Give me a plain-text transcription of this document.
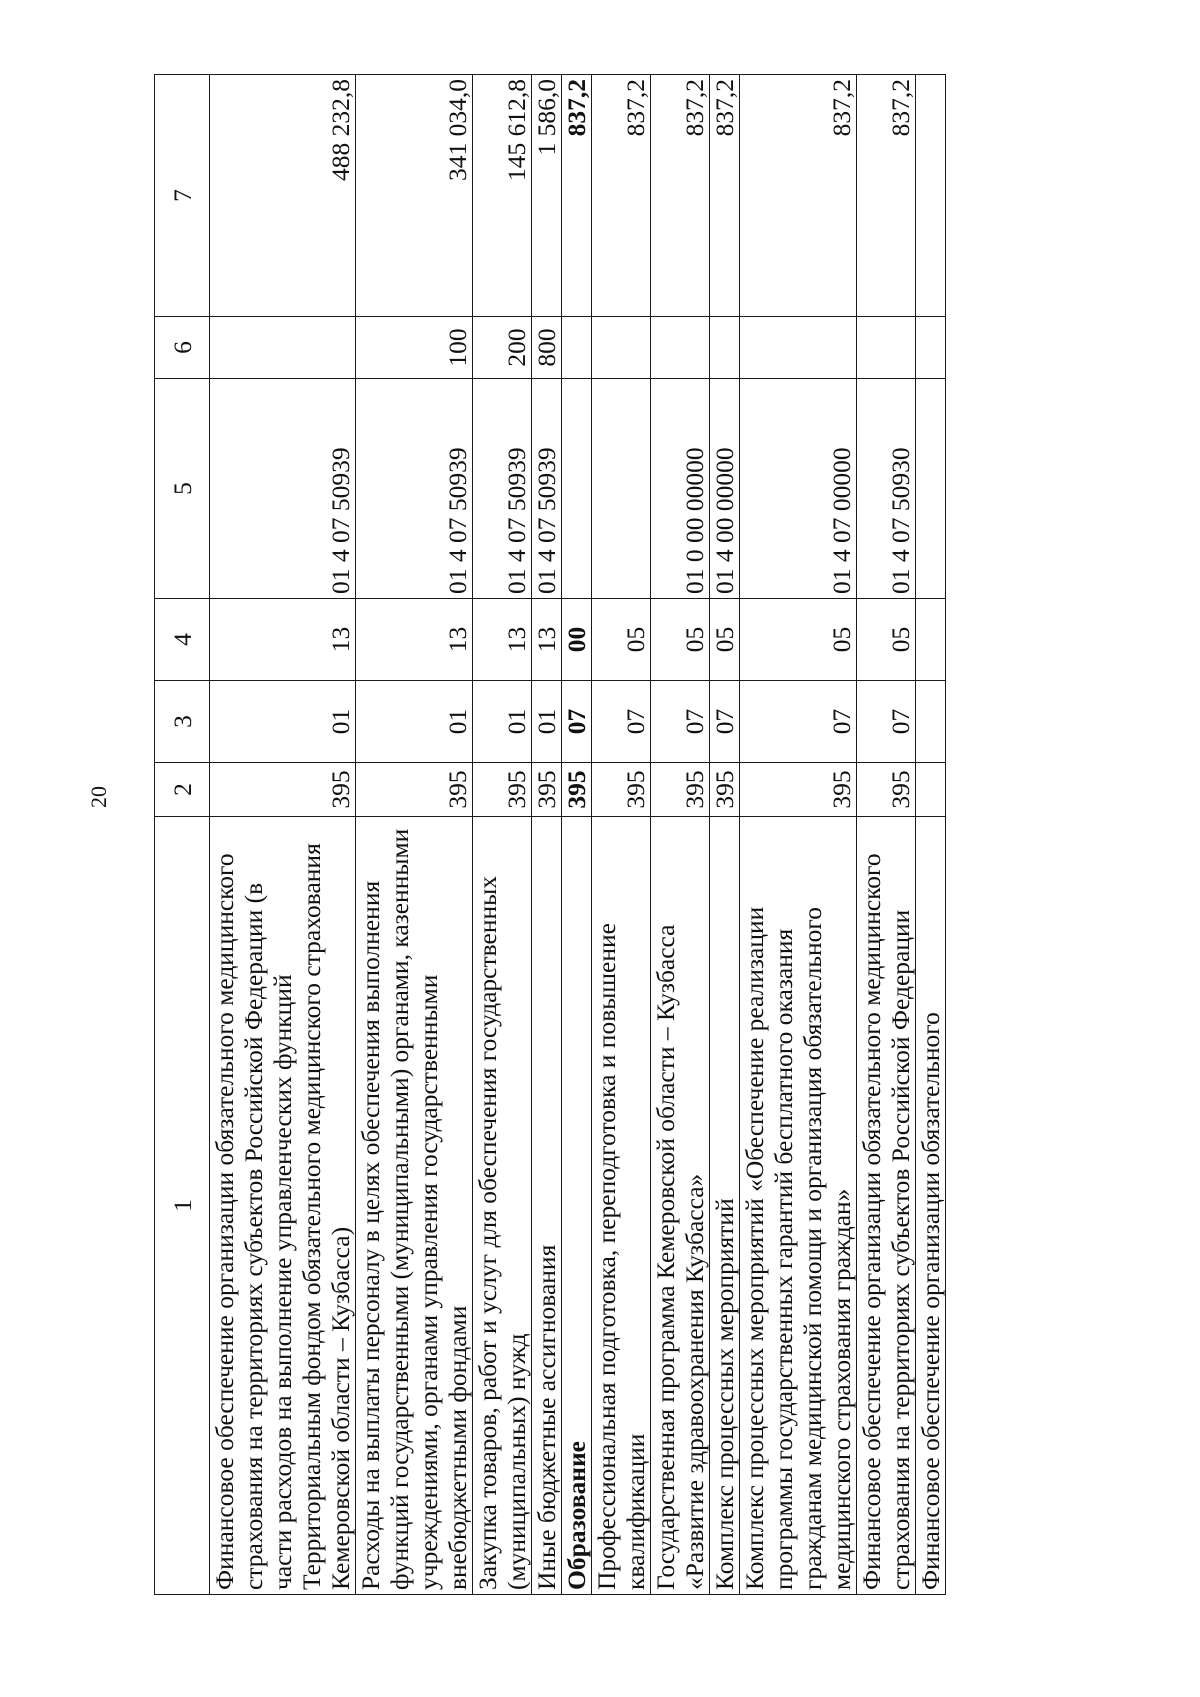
20
1	2	3	4	5	6	7
Финансовое обеспечение организации обязательного медицинского страхования на территориях субъектов Российской Федерации (в части расходов на выполнение управленческих функций Территориальным фондом обязательного медицинского страхования Кемеровской области – Кузбасса)	395	01	13	01 4 07 50939		488 232,8
Расходы на выплаты персоналу в целях обеспечения выполнения функций государственными (муниципальными) органами, казенными учреждениями, органами управления государственными внебюджетными фондами	395	01	13	01 4 07 50939	100	341 034,0
Закупка товаров, работ и услуг для обеспечения государственных (муниципальных) нужд	395	01	13	01 4 07 50939	200	145 612,8
Иные бюджетные ассигнования	395	01	13	01 4 07 50939	800	1 586,0
Образование	395	07	00			837,2
Профессиональная подготовка, переподготовка и повышение квалификации	395	07	05			837,2
Государственная программа Кемеровской области – Кузбасса «Развитие здравоохранения Кузбасса»	395	07	05	01 0 00 00000		837,2
Комплекс процессных мероприятий	395	07	05	01 4 00 00000		837,2
Комплекс процессных мероприятий «Обеспечение реализации программы государственных гарантий бесплатного оказания гражданам медицинской помощи и организация обязательного медицинского страхования граждан»	395	07	05	01 4 07 00000		837,2
Финансовое обеспечение организации обязательного медицинского страхования на территориях субъектов Российской Федерации	395	07	05	01 4 07 50930		837,2
Финансовое обеспечение организации обязательного						
